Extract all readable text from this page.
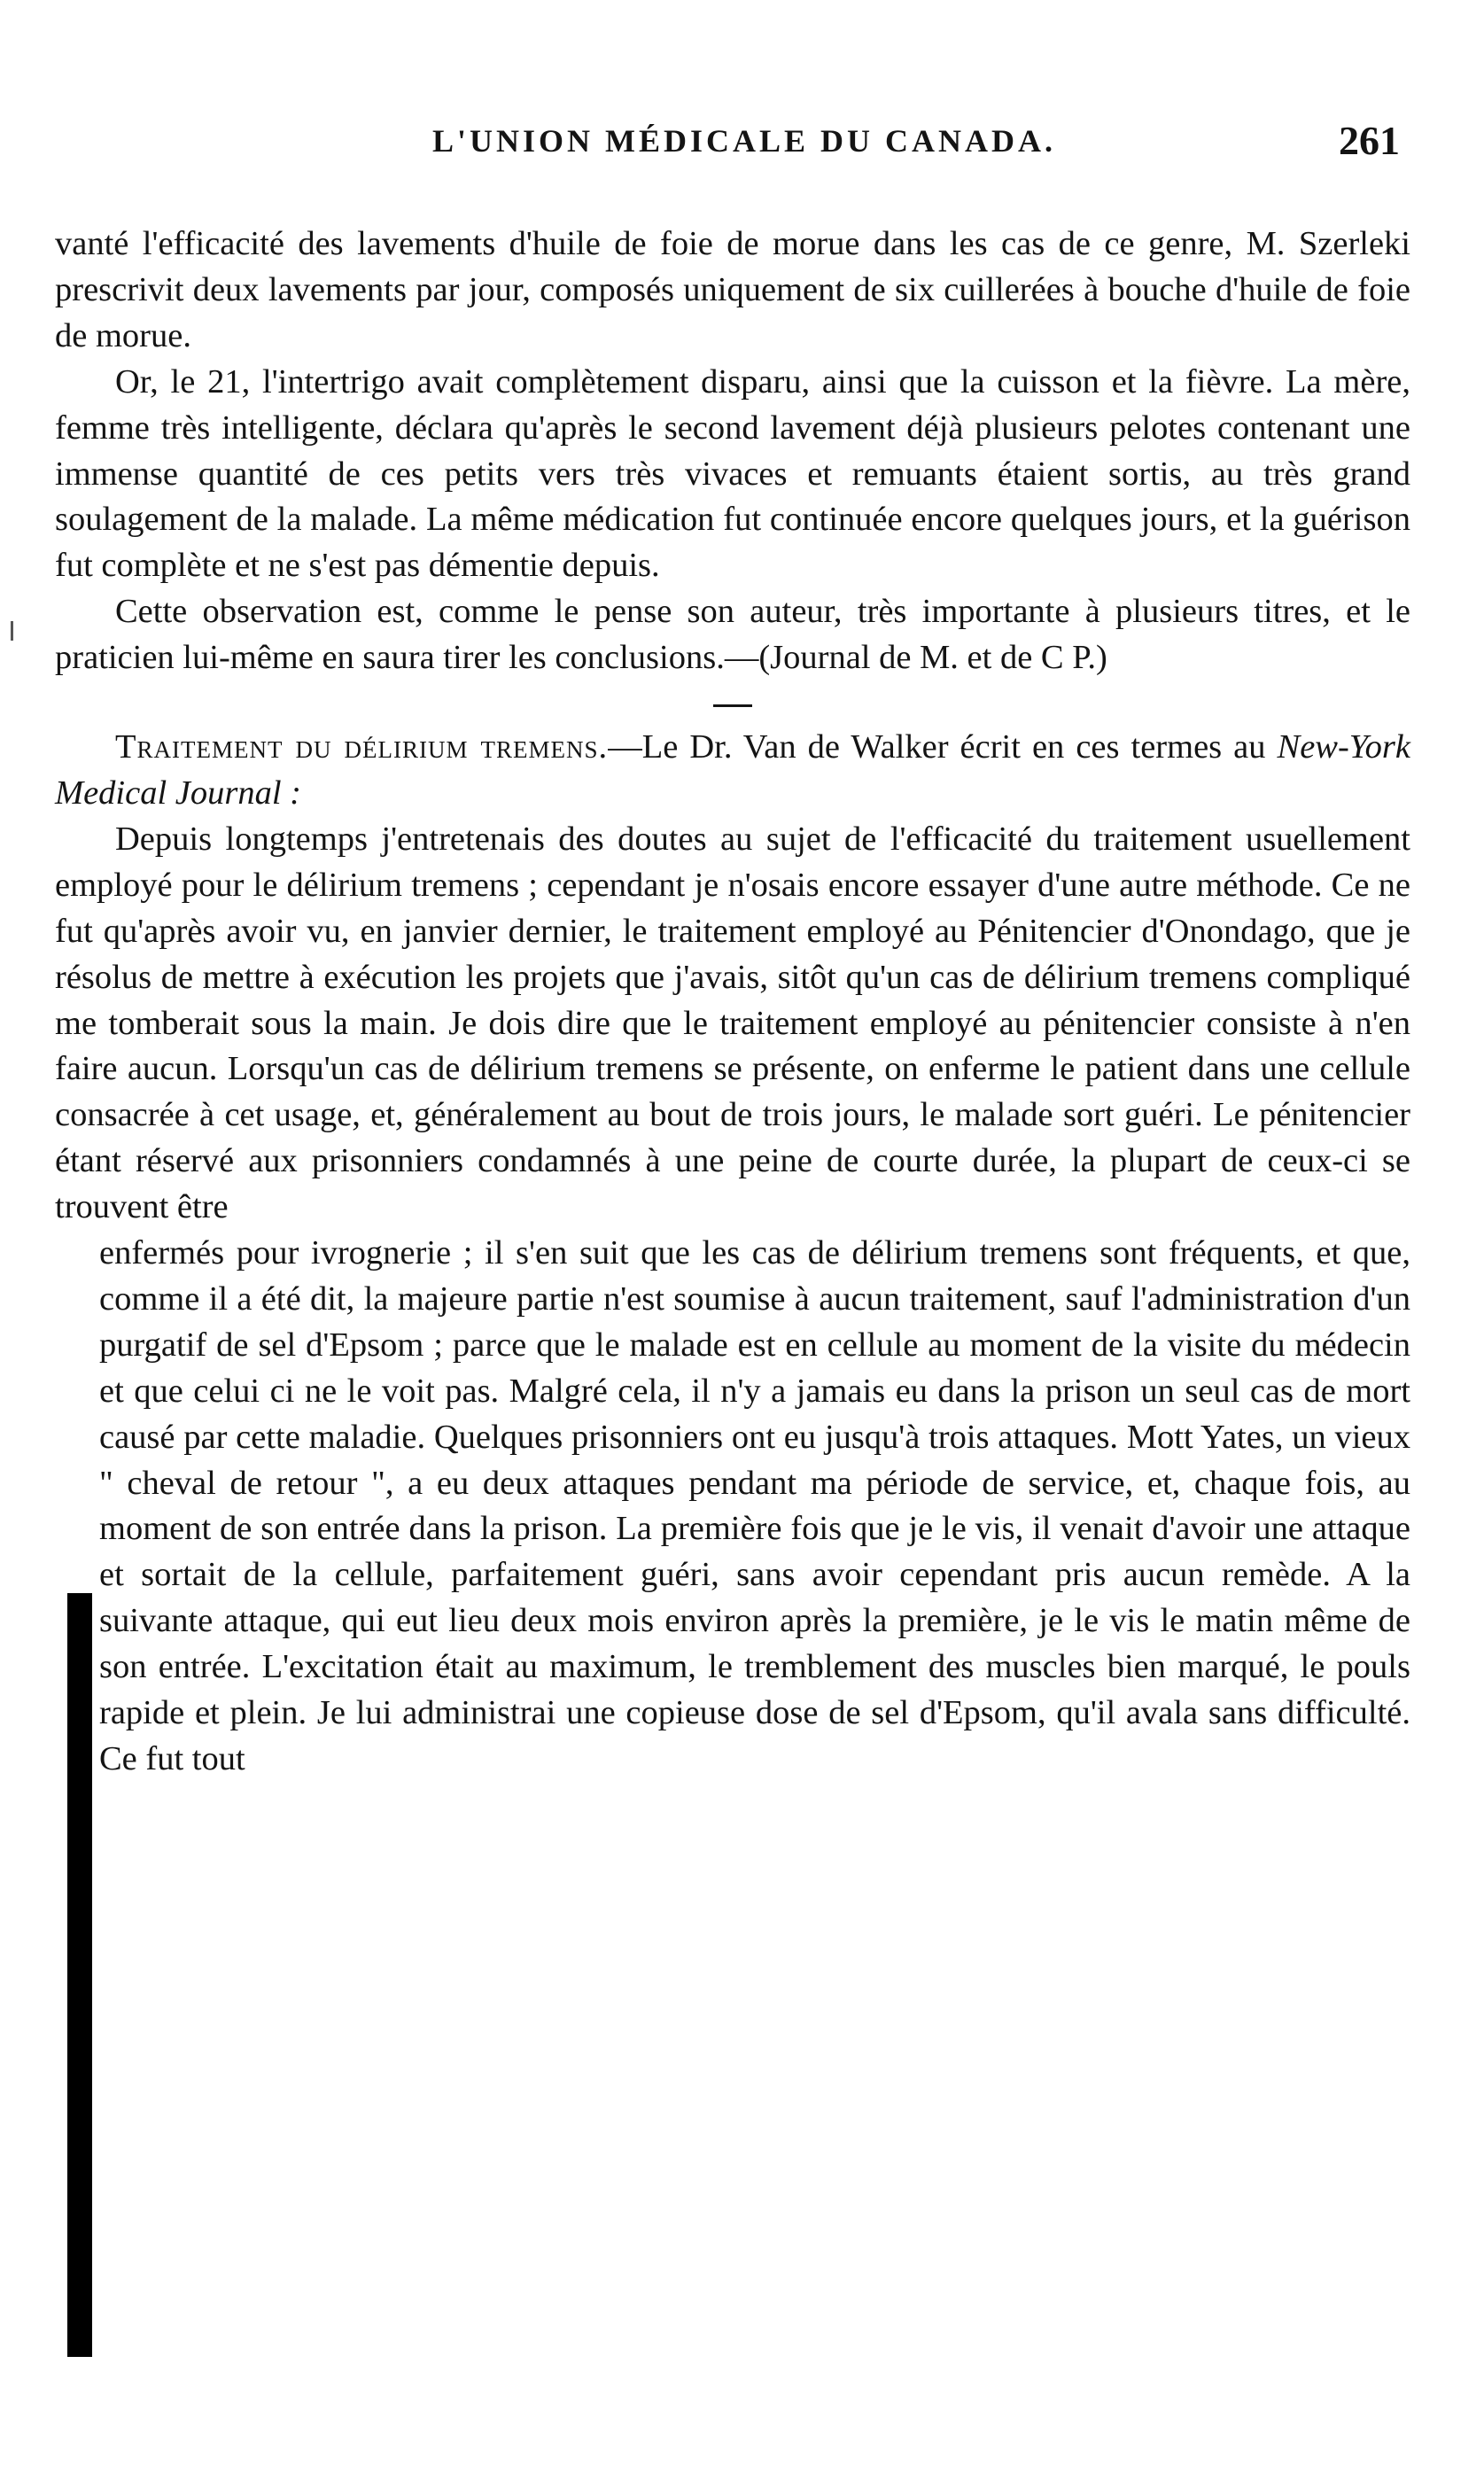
L'UNION MÉDICALE DU CANADA.	261

vanté l'efficacité des lavements d'huile de foie de morue dans les cas de ce genre, M. Szerleki prescrivit deux lavements par jour, composés uniquement de six cuillerées à bouche d'huile de foie de morue.

Or, le 21, l'intertrigo avait complètement disparu, ainsi que la cuisson et la fièvre. La mère, femme très intelligente, déclara qu'après le second lavement déjà plusieurs pelotes contenant une immense quantité de ces petits vers très vivaces et remuants étaient sortis, au très grand soulagement de la malade. La même médication fut continuée encore quelques jours, et la guérison fut complète et ne s'est pas démentie depuis.

Cette observation est, comme le pense son auteur, très importante à plusieurs titres, et le praticien lui-même en saura tirer les conclusions.—(Journal de M. et de C P.)

Traitement du délirium tremens.—Le Dr. Van de Walker écrit en ces termes au New-York Medical Journal :

Depuis longtemps j'entretenais des doutes au sujet de l'efficacité du traitement usuellement employé pour le délirium tremens ; cependant je n'osais encore essayer d'une autre méthode. Ce ne fut qu'après avoir vu, en janvier dernier, le traitement employé au Pénitencier d'Onondago, que je résolus de mettre à exécution les projets que j'avais, sitôt qu'un cas de délirium tremens compliqué me tomberait sous la main. Je dois dire que le traitement employé au pénitencier consiste à n'en faire aucun. Lorsqu'un cas de délirium tremens se présente, on enferme le patient dans une cellule consacrée à cet usage, et, généralement au bout de trois jours, le malade sort guéri. Le pénitencier étant réservé aux prisonniers condamnés à une peine de courte durée, la plupart de ceux-ci se trouvent être

enfermés pour ivrognerie ; il s'en suit que les cas de délirium tremens sont fréquents, et que, comme il a été dit, la majeure partie n'est soumise à aucun traitement, sauf l'administration d'un purgatif de sel d'Epsom ; parce que le malade est en cellule au moment de la visite du médecin et que celui ci ne le voit pas. Malgré cela, il n'y a jamais eu dans la prison un seul cas de mort causé par cette maladie. Quelques prisonniers ont eu jusqu'à trois attaques. Mott Yates, un vieux " cheval de retour ", a eu deux attaques pendant ma période de service, et, chaque fois, au moment de son entrée dans la prison. La première fois que je le vis, il venait d'avoir une attaque et sortait de la cellule, parfaitement guéri, sans avoir cependant pris aucun remède. A la suivante attaque, qui eut lieu deux mois environ après la première, je le vis le matin même de son entrée. L'excitation était au maximum, le tremblement des muscles bien marqué, le pouls rapide et plein. Je lui administrai une copieuse dose de sel d'Epsom, qu'il avala sans difficulté. Ce fut tout
